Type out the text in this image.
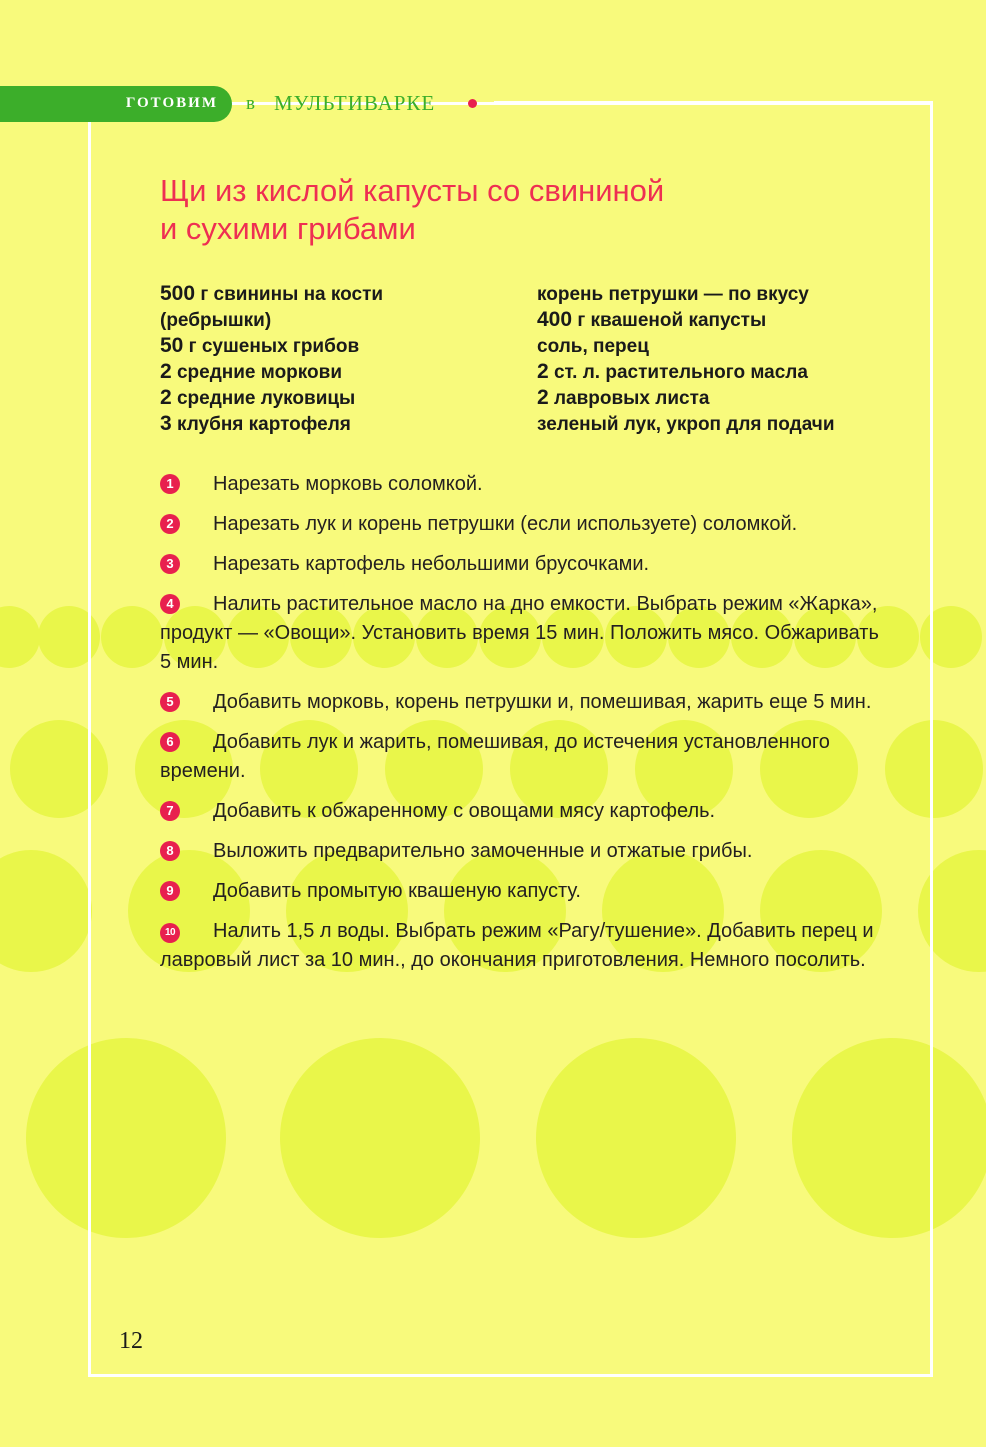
ГОТОВИМ в МУЛЬТИВАРКЕ
Щи из кислой капусты со свининой
и сухими грибами
500 г свинины на кости
(ребрышки)
50 г сушеных грибов
2 средние моркови
2 средние луковицы
3 клубня картофеля
корень петрушки — по вкусу
400 г квашеной капусты
соль, перец
2 ст. л. растительного масла
2 лавровых листа
зеленый лук, укроп для подачи
1 Нарезать морковь соломкой.
2 Нарезать лук и корень петрушки (если используете) соломкой.
3 Нарезать картофель небольшими брусочками.
4 Налить растительное масло на дно емкости. Выбрать режим «Жарка», продукт — «Овощи». Установить время 15 мин. Положить мясо. Обжаривать 5 мин.
5 Добавить морковь, корень петрушки и, помешивая, жарить еще 5 мин.
6 Добавить лук и жарить, помешивая, до истечения установленного времени.
7 Добавить к обжаренному с овощами мясу картофель.
8 Выложить предварительно замоченные и отжатые грибы.
9 Добавить промытую квашеную капусту.
10 Налить 1,5 л воды. Выбрать режим «Рагу/тушение». Добавить перец и лавровый лист за 10 мин., до окончания приготовления. Немного посолить.
12
